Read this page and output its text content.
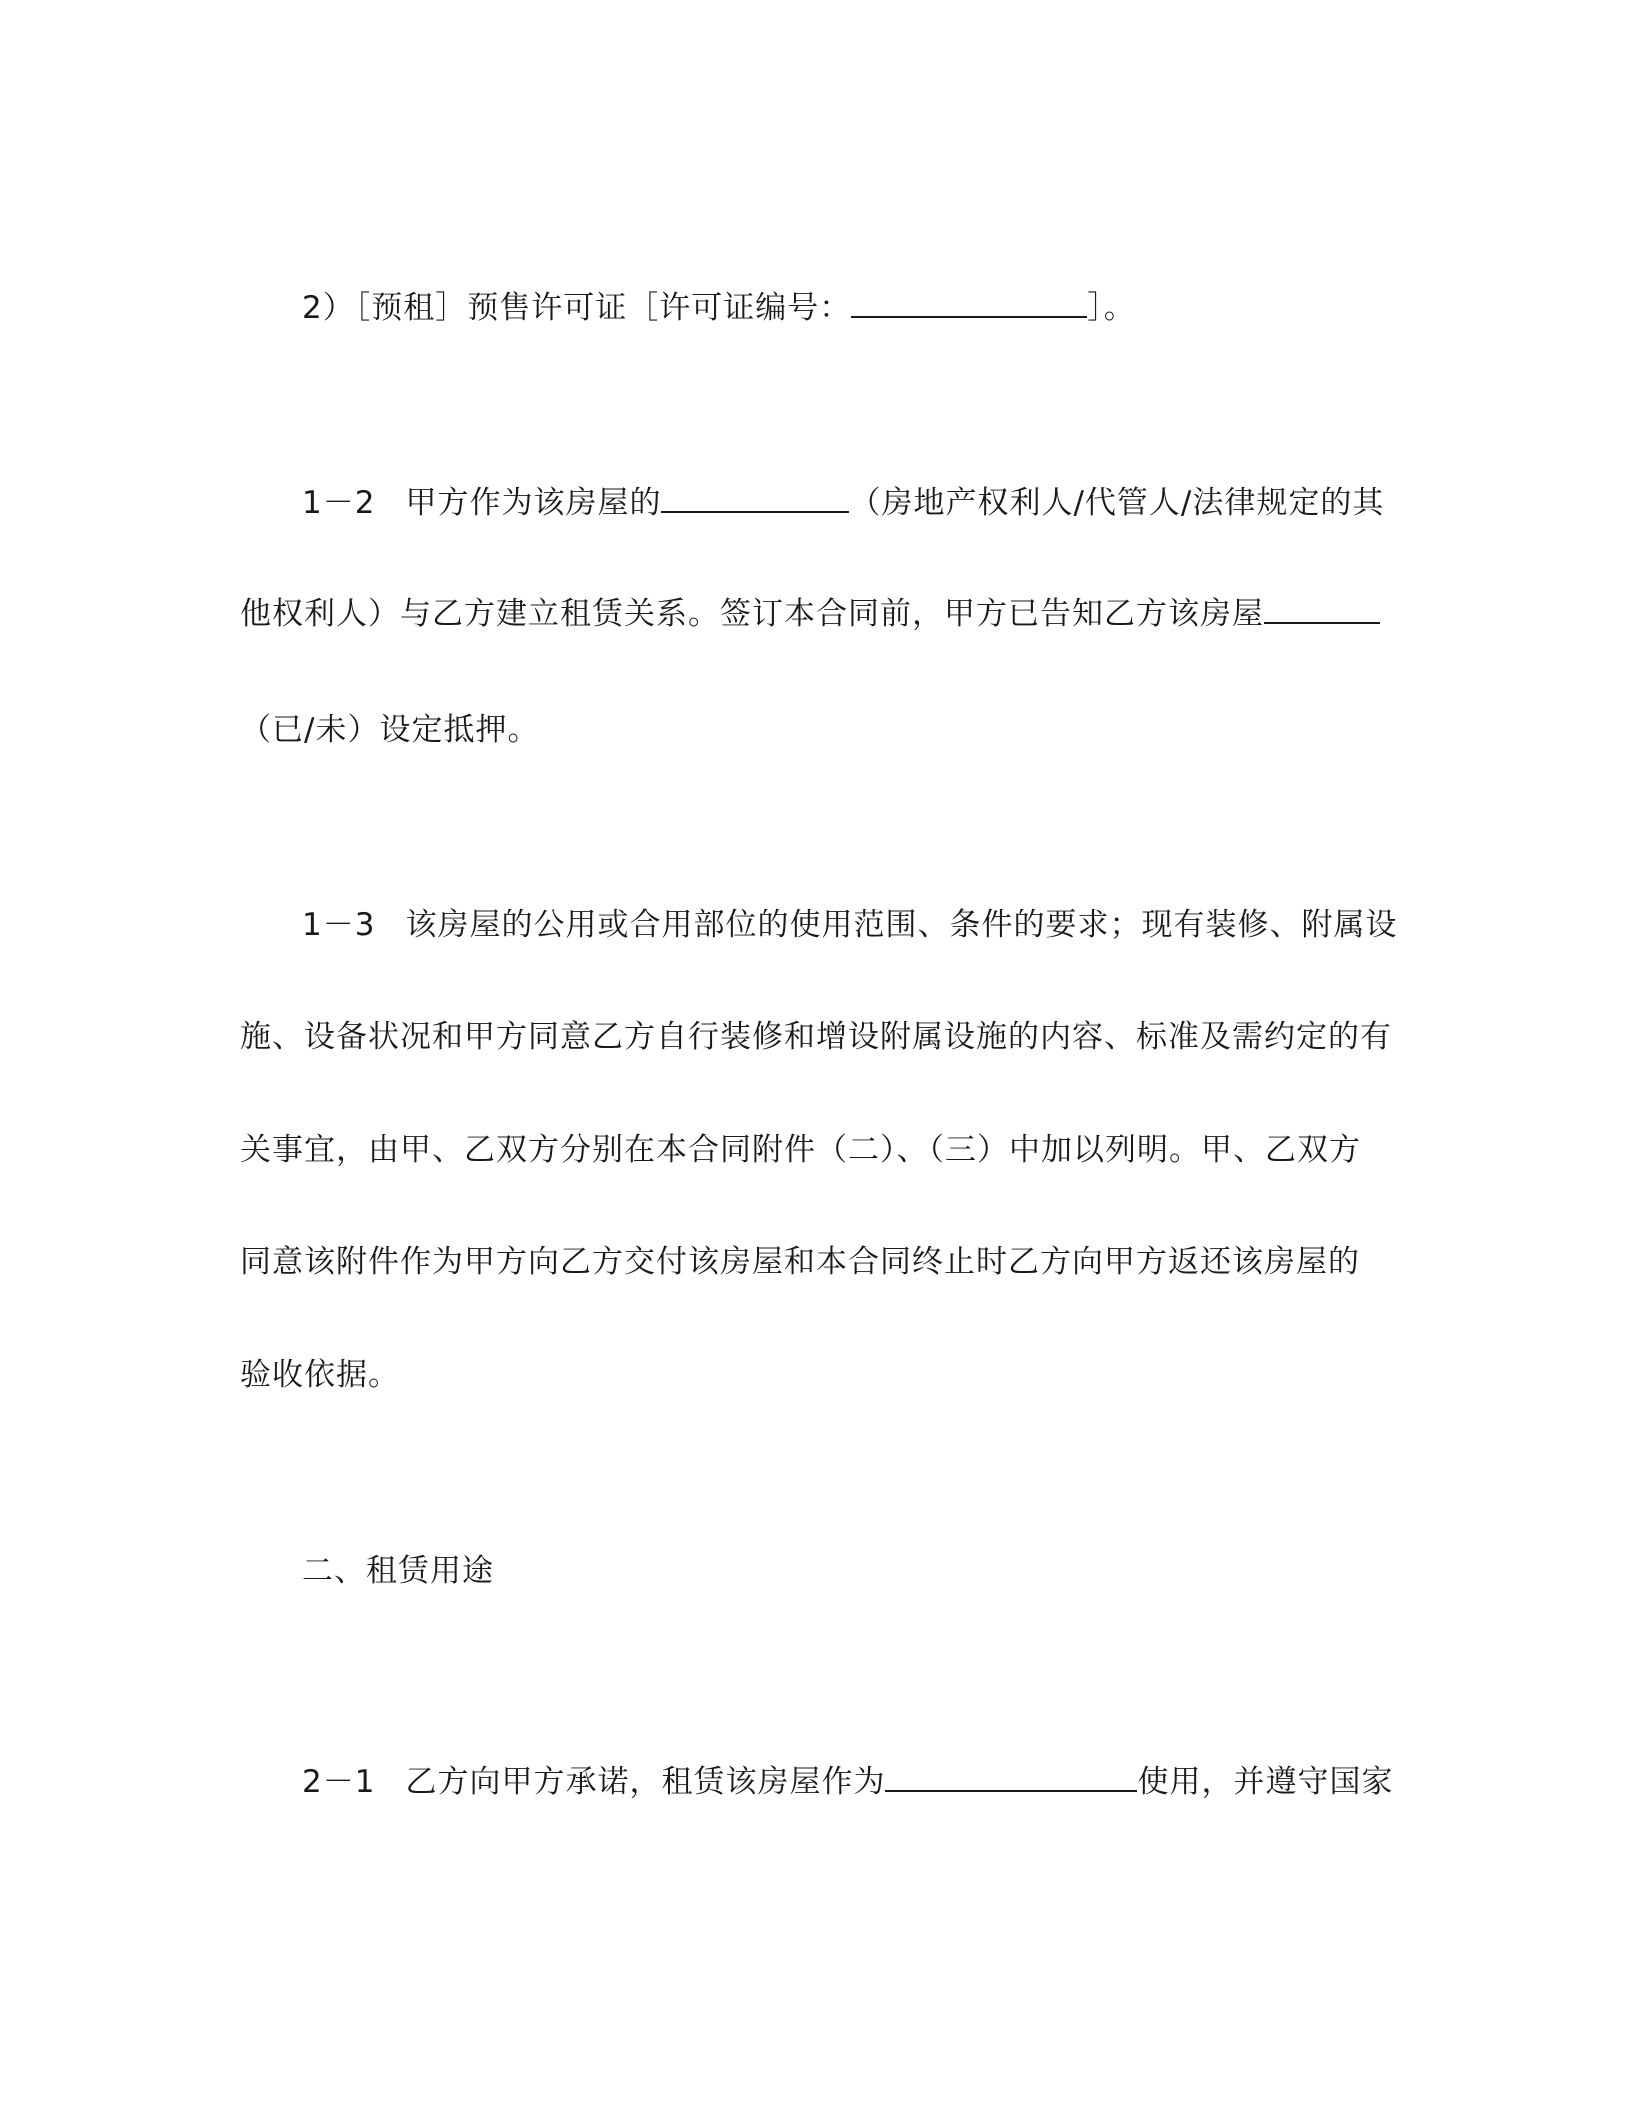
2）［预租］预售许可证［许可证编号：	］。
1－2 甲方作为该房屋的	（房地产权利人/代管人/法律规定的其
他权利人）与乙方建立租赁关系。签订本合同前，甲方已告知乙方该房屋
（已/未）设定抵押。
1－3 该房屋的公用或合用部位的使用范围、条件的要求；现有装修、附属设
施、设备状况和甲方同意乙方自行装修和增设附属设施的内容、标准及需约定的有
关事宜，由甲、乙双方分别在本合同附件（二）、（三）中加以列明。甲、乙双方
同意该附件作为甲方向乙方交付该房屋和本合同终止时乙方向甲方返还该房屋的
验收依据。
二、租赁用途
2－1 乙方向甲方承诺，租赁该房屋作为	使用，并遵守国家
